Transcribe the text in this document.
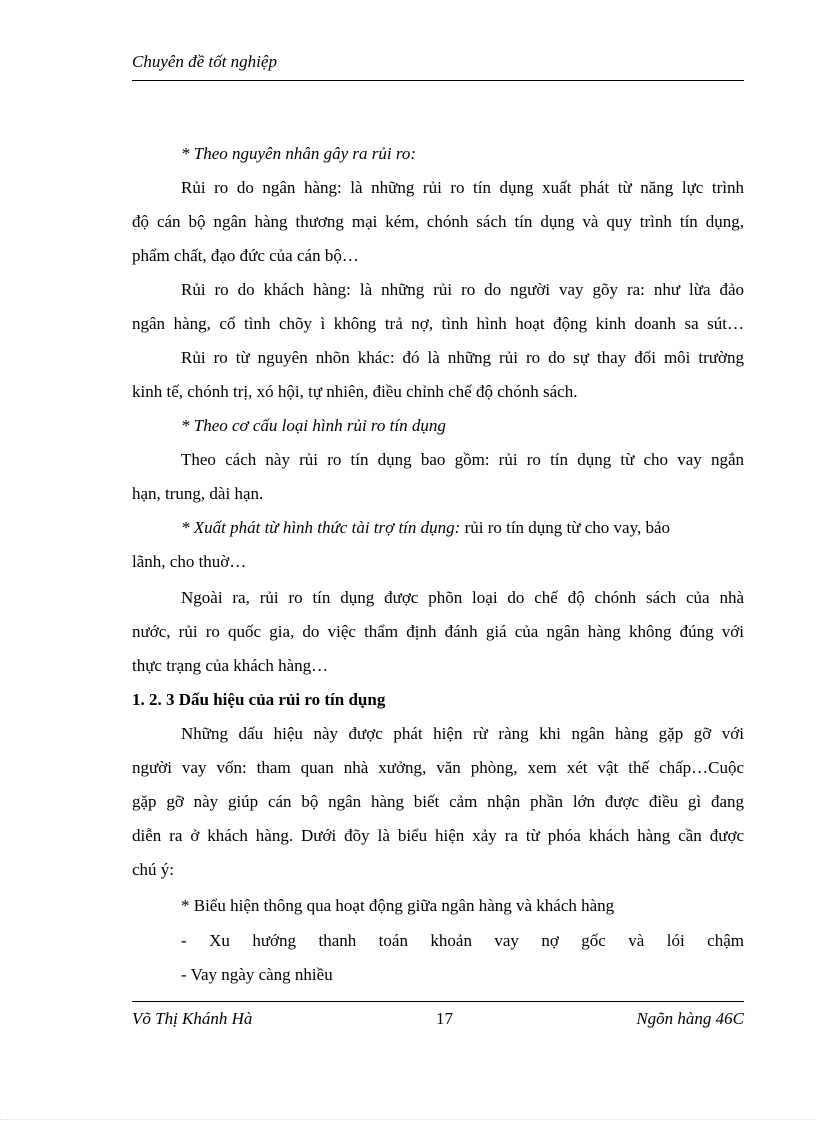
Chuyên đề tốt nghiệp
* Theo nguyên nhân gây ra rủi ro:
Rủi ro do ngân hàng: là những rủi ro tín dụng xuất phát từ năng lực trình
độ cán bộ ngân hàng thương mại kém, chónh sách tín dụng và quy trình tín dụng,
phẩm chất, đạo đức của cán bộ…
Rủi ro do khách hàng: là những rủi ro do người vay gõy ra: như lừa đảo
ngân hàng, cố tình chõy ì không trả nợ, tình hình hoạt động kinh doanh sa sút…
Rủi ro từ nguyên nhõn khác: đó là những rủi ro do sự thay đổi môi trường
kinh tế, chónh trị, xó hội, tự nhiên, điều chỉnh chế độ chónh sách.
* Theo cơ cấu loại hình rủi ro tín dụng
Theo cách này rủi ro tín dụng bao gồm: rủi ro tín dụng từ cho vay ngắn
hạn, trung, dài hạn.
* Xuất phát từ hình thức tài trợ tín dụng: rủi ro tín dụng từ cho vay, bảo
lãnh, cho thuờ…
Ngoài ra, rủi ro tín dụng được phõn loại do chế độ chónh sách của nhà
nước, rủi ro quốc gia, do việc thẩm định đánh giá của ngân hàng không đúng với
thực trạng của khách hàng…
1. 2. 3 Dấu hiệu của rủi ro tín dụng
Những dấu hiệu này được phát hiện rừ ràng khi ngân hàng gặp gỡ với
người vay vốn: tham quan nhà xưởng, văn phòng, xem xét vật thế chấp…Cuộc
gặp gỡ này giúp cán bộ ngân hàng biết cảm nhận phần lớn được điều gì đang
diễn ra ở khách hàng. Dưới đõy là biểu hiện xảy ra từ phóa khách hàng cần được
chú ý:
* Biểu hiện thông qua hoạt động giữa ngân hàng và khách hàng
- Xu hướng thanh toán khoản vay nợ gốc và lói chậm
- Vay ngày càng nhiều
Võ Thị Khánh Hà	17	Ngõn hàng 46C
